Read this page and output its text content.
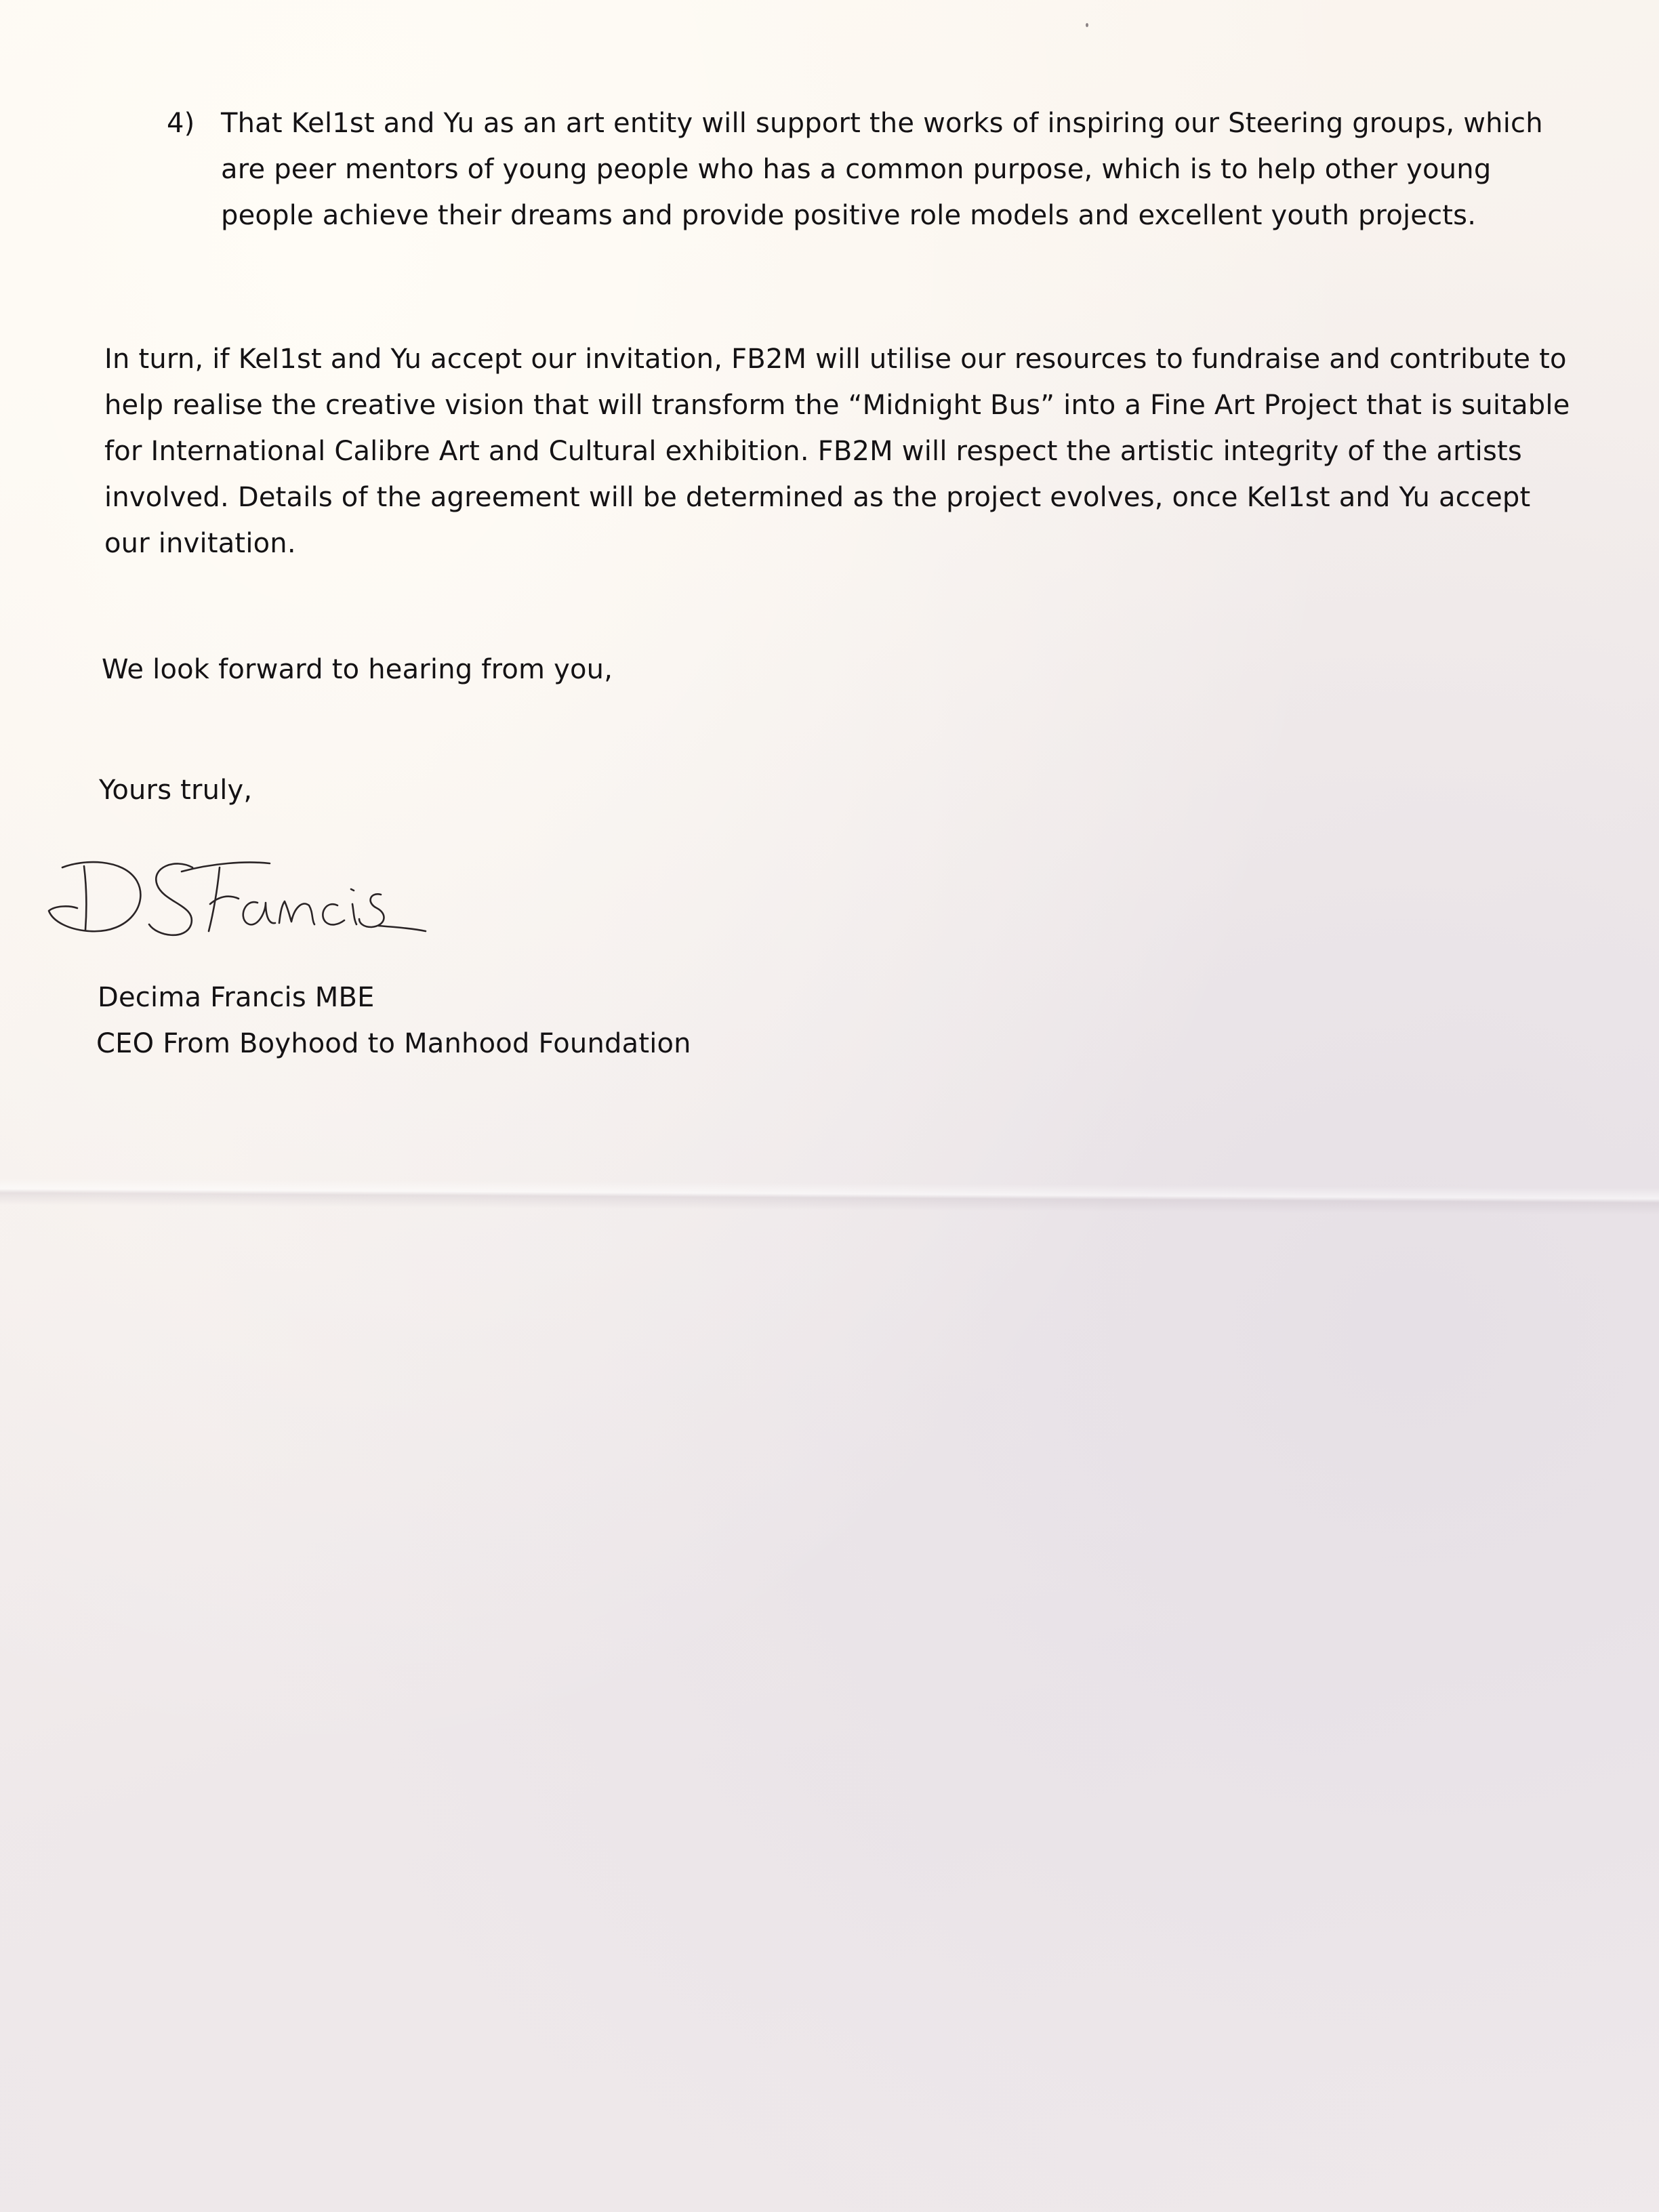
4) That Kel1st and Yu as an art entity will support the works of inspiring our Steering groups, which are peer mentors of young people who has a common purpose, which is to help other young people achieve their dreams and provide positive role models and excellent youth projects.
In turn, if Kel1st and Yu accept our invitation, FB2M will utilise our resources to fundraise and contribute to help realise the creative vision that will transform the “Midnight Bus” into a Fine Art Project that is suitable for International Calibre Art and Cultural exhibition. FB2M will respect the artistic integrity of the artists involved. Details of the agreement will be determined as the project evolves, once Kel1st and Yu accept our invitation.
We look forward to hearing from you,
Yours truly,
DSFrancis
Decima Francis MBE
CEO From Boyhood to Manhood Foundation
